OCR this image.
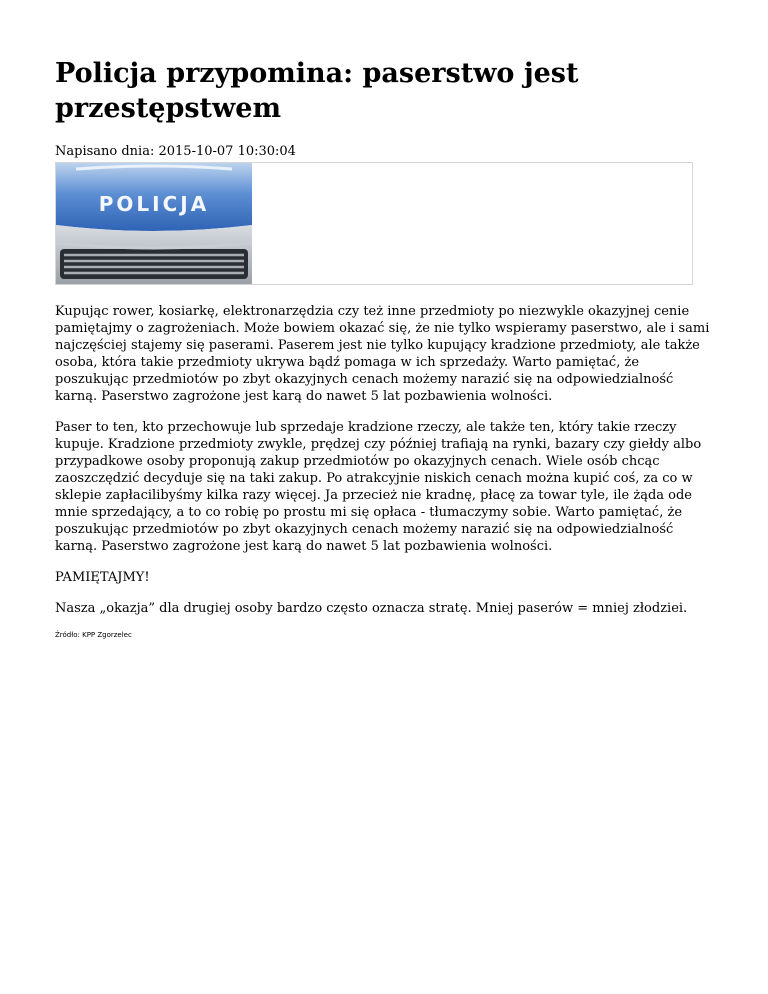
Policja przypomina: paserstwo jest przestępstwem
Napisano dnia: 2015-10-07 10:30:04
POLICJA

Kupując rower, kosiarkę, elektronarzędzia czy też inne przedmioty po niezwykle okazyjnej cenie pamiętajmy o zagrożeniach. Może bowiem okazać się, że nie tylko wspieramy paserstwo, ale i sami najczęściej stajemy się paserami. Paserem jest nie tylko kupujący kradzione przedmioty, ale także osoba, która takie przedmioty ukrywa bądź pomaga w ich sprzedaży. Warto pamiętać, że poszukując przedmiotów po zbyt okazyjnych cenach możemy narazić się na odpowiedzialność karną. Paserstwo zagrożone jest karą do nawet 5 lat pozbawienia wolności.

Paser to ten, kto przechowuje lub sprzedaje kradzione rzeczy, ale także ten, który takie rzeczy kupuje. Kradzione przedmioty zwykle, prędzej czy później trafiają na rynki, bazary czy giełdy albo przypadkowe osoby proponują zakup przedmiotów po okazyjnych cenach. Wiele osób chcąc zaoszczędzić decyduje się na taki zakup. Po atrakcyjnie niskich cenach można kupić coś, za co w sklepie zapłacilibyśmy kilka razy więcej. Ja przecież nie kradnę, płacę za towar tyle, ile żąda ode mnie sprzedający, a to co robię po prostu mi się opłaca - tłumaczymy sobie. Warto pamiętać, że poszukując przedmiotów po zbyt okazyjnych cenach możemy narazić się na odpowiedzialność karną. Paserstwo zagrożone jest karą do nawet 5 lat pozbawienia wolności.

PAMIĘTAJMY!

Nasza „okazja” dla drugiej osoby bardzo często oznacza stratę. Mniej paserów = mniej złodziei.

Źródło: KPP Zgorzelec
